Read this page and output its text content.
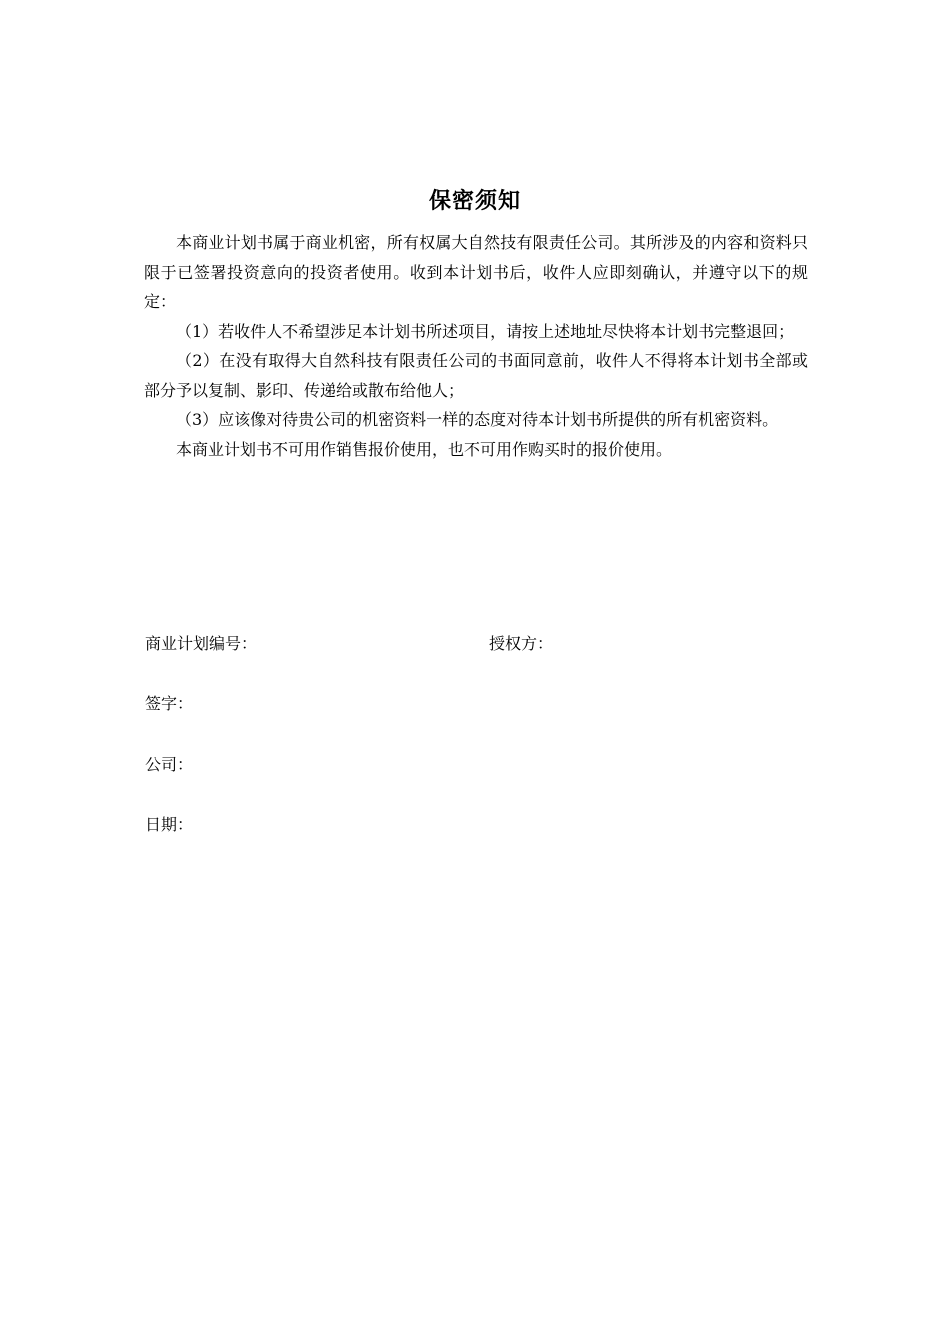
保密须知

本商业计划书属于商业机密，所有权属大自然技有限责任公司。其所涉及的内容和资料只限于已签署投资意向的投资者使用。收到本计划书后，收件人应即刻确认，并遵守以下的规定：

（1）若收件人不希望涉足本计划书所述项目，请按上述地址尽快将本计划书完整退回；

（2）在没有取得大自然科技有限责任公司的书面同意前，收件人不得将本计划书全部或部分予以复制、影印、传递给或散布给他人；

（3）应该像对待贵公司的机密资料一样的态度对待本计划书所提供的所有机密资料。

本商业计划书不可用作销售报价使用，也不可用作购买时的报价使用。

商业计划编号：	授权方：
签字：
公司：
日期：
